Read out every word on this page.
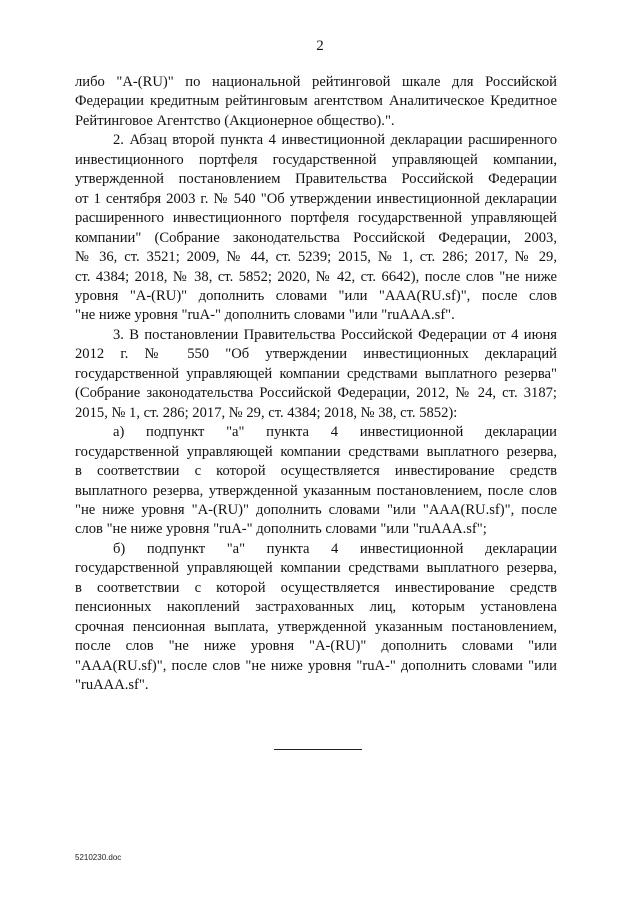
2
либо "A-(RU)" по национальной рейтинговой шкале для Российской
Федерации кредитным рейтинговым агентством Аналитическое Кредитное
Рейтинговое Агентство (Акционерное общество).".
2. Абзац второй пункта 4 инвестиционной декларации расширенного
инвестиционного портфеля государственной управляющей компании,
утвержденной постановлением Правительства Российской Федерации
от 1 сентября 2003 г. № 540 "Об утверждении инвестиционной декларации
расширенного инвестиционного портфеля государственной управляющей
компании" (Собрание законодательства Российской Федерации, 2003,
№ 36, ст. 3521; 2009, № 44, ст. 5239; 2015, № 1, ст. 286; 2017, № 29,
ст. 4384; 2018, № 38, ст. 5852; 2020, № 42, ст. 6642), после слов "не ниже
уровня "A-(RU)" дополнить словами "или "AAA(RU.sf)", после слов
"не ниже уровня "ruA-" дополнить словами "или "ruAAA.sf".
3. В постановлении Правительства Российской Федерации от 4 июня
2012 г. № 550 "Об утверждении инвестиционных деклараций
государственной управляющей компании средствами выплатного резерва"
(Собрание законодательства Российской Федерации, 2012, № 24, ст. 3187;
2015, № 1, ст. 286; 2017, № 29, ст. 4384; 2018, № 38, ст. 5852):
а) подпункт "а" пункта 4 инвестиционной декларации
государственной управляющей компании средствами выплатного резерва,
в соответствии с которой осуществляется инвестирование средств
выплатного резерва, утвержденной указанным постановлением, после слов
"не ниже уровня "A-(RU)" дополнить словами "или "AAA(RU.sf)", после
слов "не ниже уровня "ruA-" дополнить словами "или "ruAAA.sf";
б) подпункт "а" пункта 4 инвестиционной декларации
государственной управляющей компании средствами выплатного резерва,
в соответствии с которой осуществляется инвестирование средств
пенсионных накоплений застрахованных лиц, которым установлена
срочная пенсионная выплата, утвержденной указанным постановлением,
после слов "не ниже уровня "A-(RU)" дополнить словами "или
"AAA(RU.sf)", после слов "не ниже уровня "ruA-" дополнить словами "или
"ruAAA.sf".
5210230.doc
